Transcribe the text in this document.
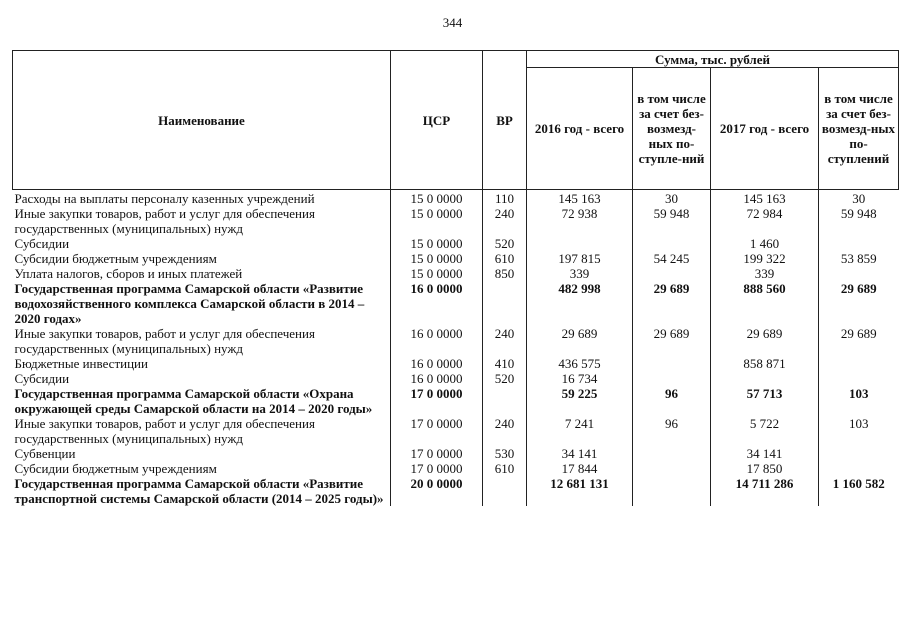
344
Наименование	ЦСР	ВР	Сумма, тыс. рублей			
			2016 год - всего	в том числе за счет без-возмезд-ных по-ступле-ний	2017 год - всего	в том числе за счет без-возмезд-ных по-ступлений
Расходы на выплаты персоналу казенных учреждений	15 0 0000	110	145 163	30	145 163	30
Иные закупки товаров, работ и услуг для обеспечения государственных (муниципальных) нужд	15 0 0000	240	72 938	59 948	72 984	59 948
Субсидии	15 0 0000	520			1 460	
Субсидии бюджетным учреждениям	15 0 0000	610	197 815	54 245	199 322	53 859
Уплата налогов, сборов и иных платежей	15 0 0000	850	339		339	
Государственная программа Самарской области «Развитие водохозяйственного комплекса Самарской области в 2014 – 2020 годах»	16 0 0000		482 998	29 689	888 560	29 689
Иные закупки товаров, работ и услуг для обеспечения государственных (муниципальных) нужд	16 0 0000	240	29 689	29 689	29 689	29 689
Бюджетные инвестиции	16 0 0000	410	436 575		858 871	
Субсидии	16 0 0000	520	16 734			
Государственная программа Самарской области «Охрана окружающей среды Самарской области на 2014 – 2020 годы»	17 0 0000		59 225	96	57 713	103
Иные закупки товаров, работ и услуг для обеспечения государственных (муниципальных) нужд	17 0 0000	240	7 241	96	5 722	103
Субвенции	17 0 0000	530	34 141		34 141	
Субсидии бюджетным учреждениям	17 0 0000	610	17 844		17 850	
Государственная программа Самарской области «Развитие транспортной системы Самарской области (2014 – 2025 годы)»	20 0 0000		12 681 131		14 711 286	1 160 582
